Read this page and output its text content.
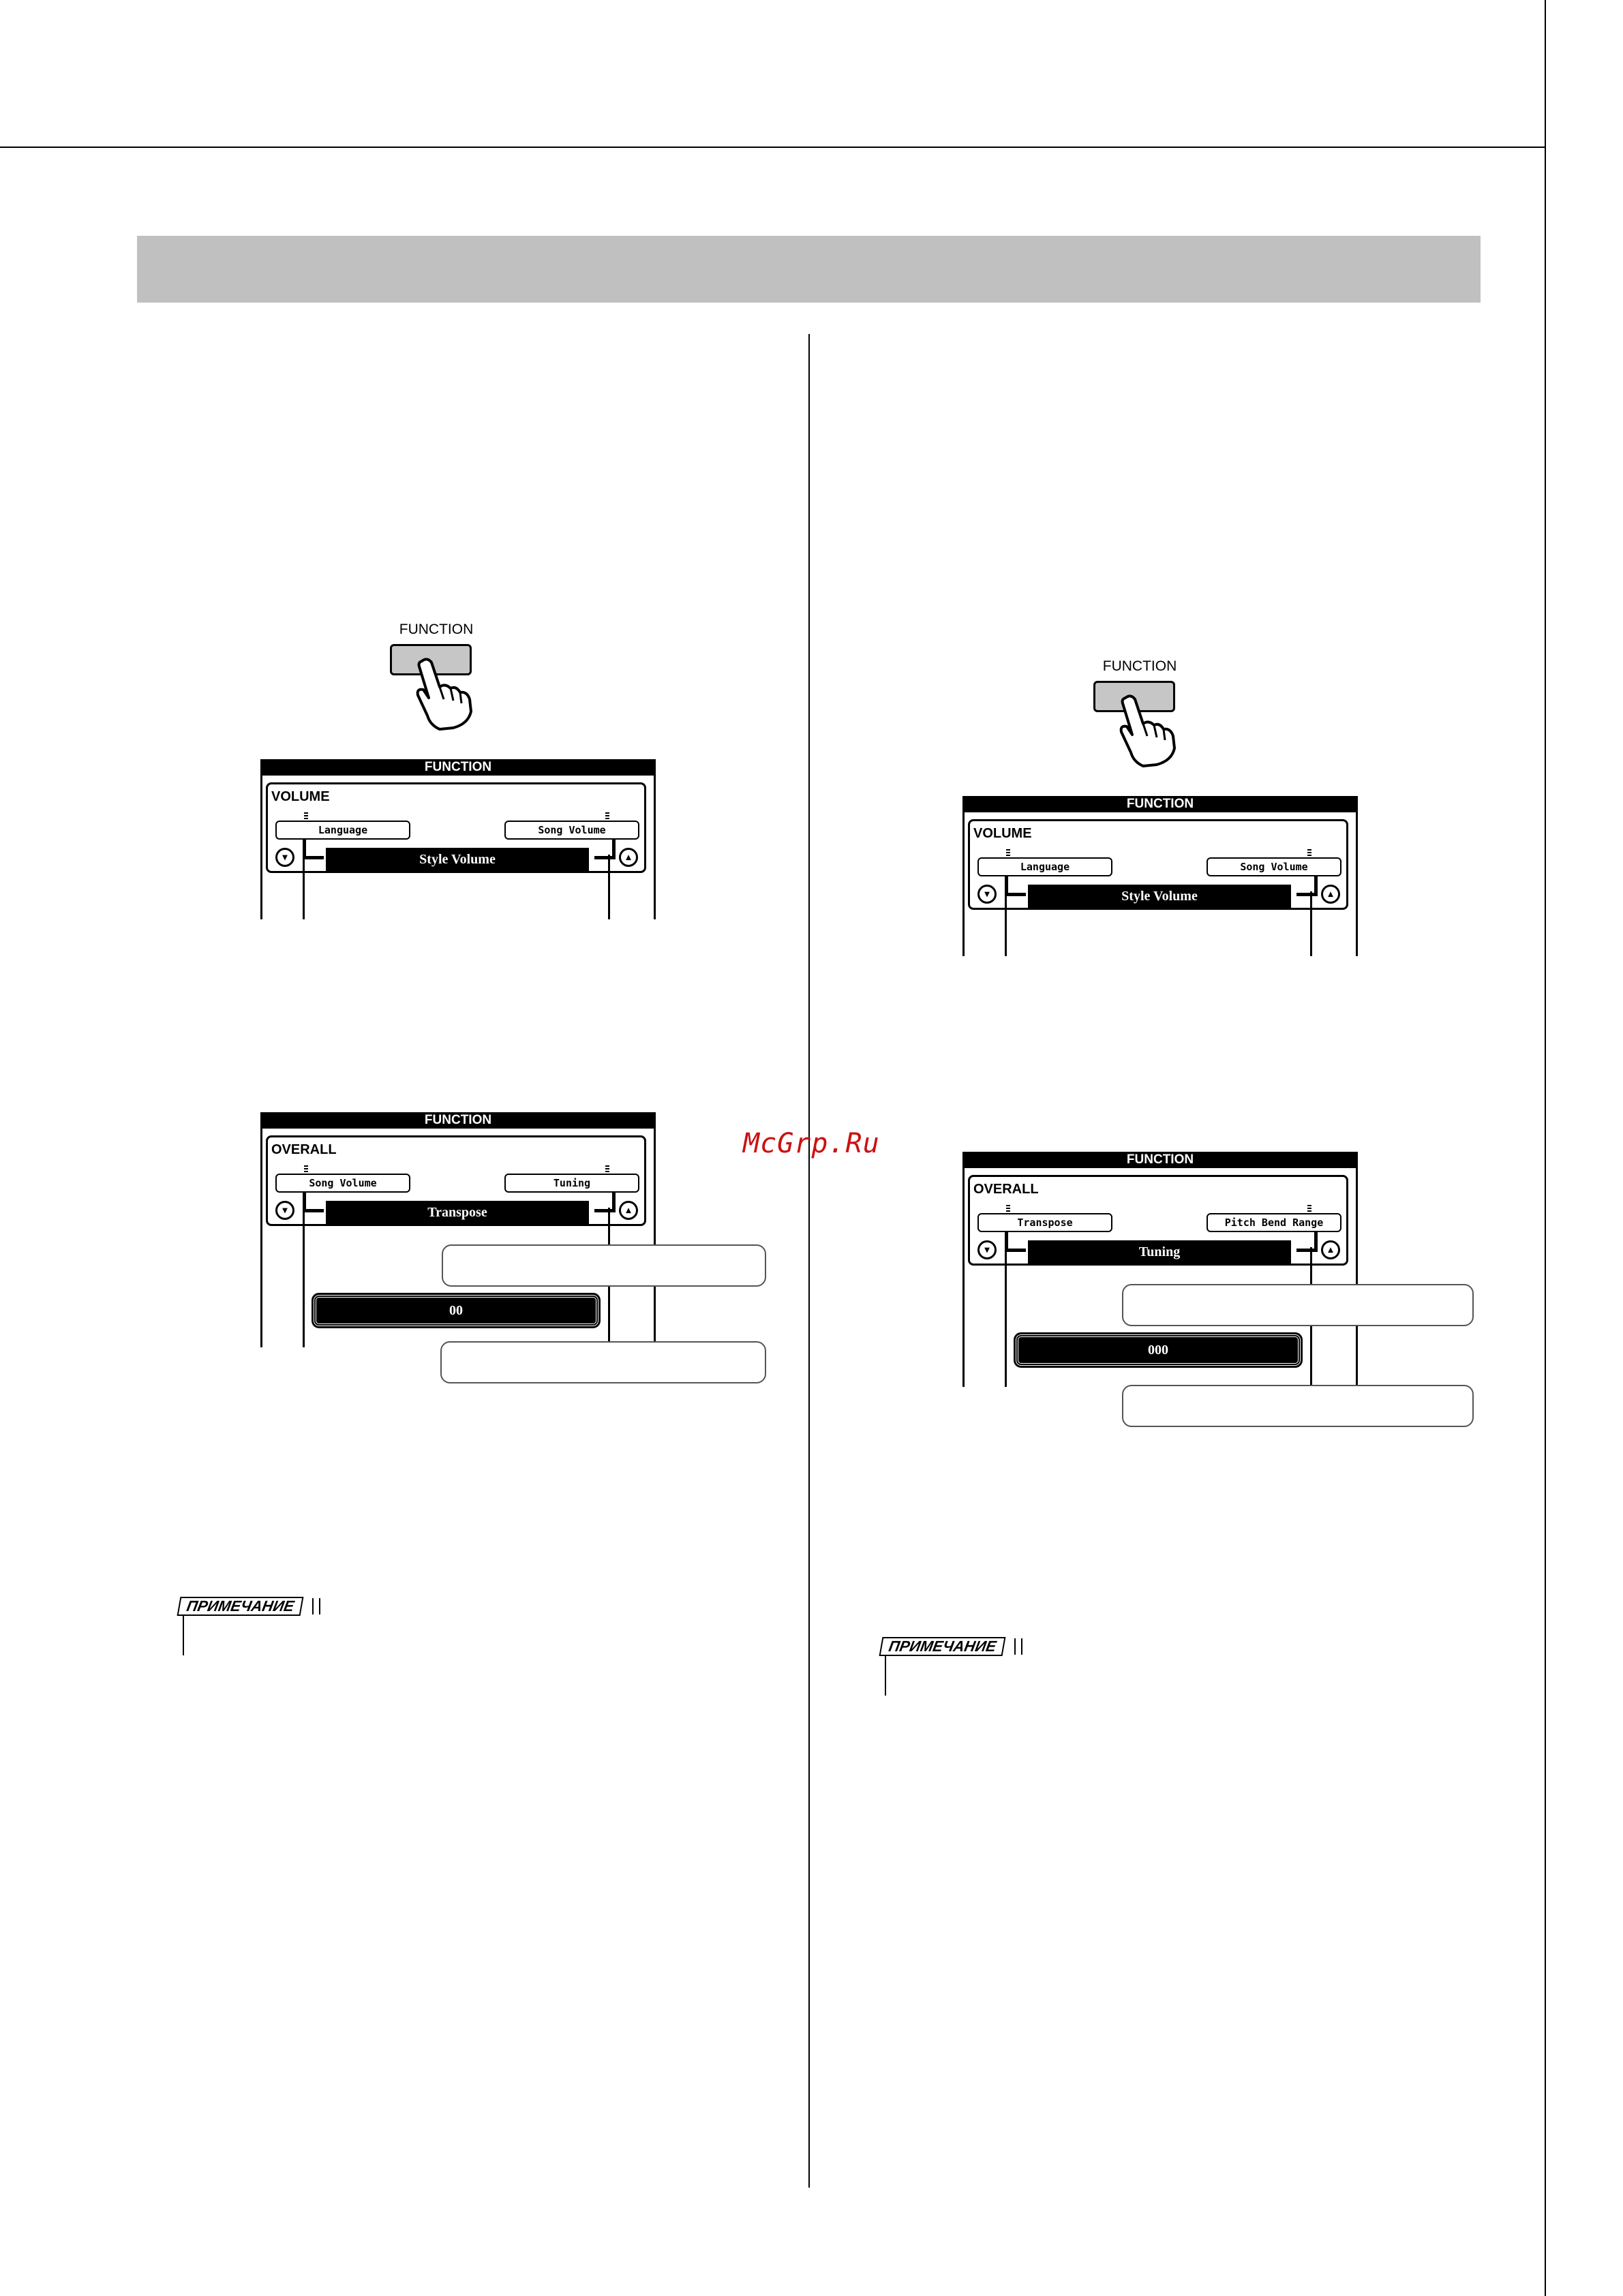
FUNCTION
FUNCTION
VOLUME
Language	Song Volume
▾	▴
Style Volume
FUNCTION
OVERALL
Song Volume	Tuning
▾	▴
Transpose
00
ПРИМЕЧАНИЕ
FUNCTION
FUNCTION
VOLUME
Language	Song Volume
▾	▴
Style Volume
FUNCTION
OVERALL
Transpose	Pitch Bend Range
▾	▴
Tuning
000
ПРИМЕЧАНИЕ
McGrp.Ru
